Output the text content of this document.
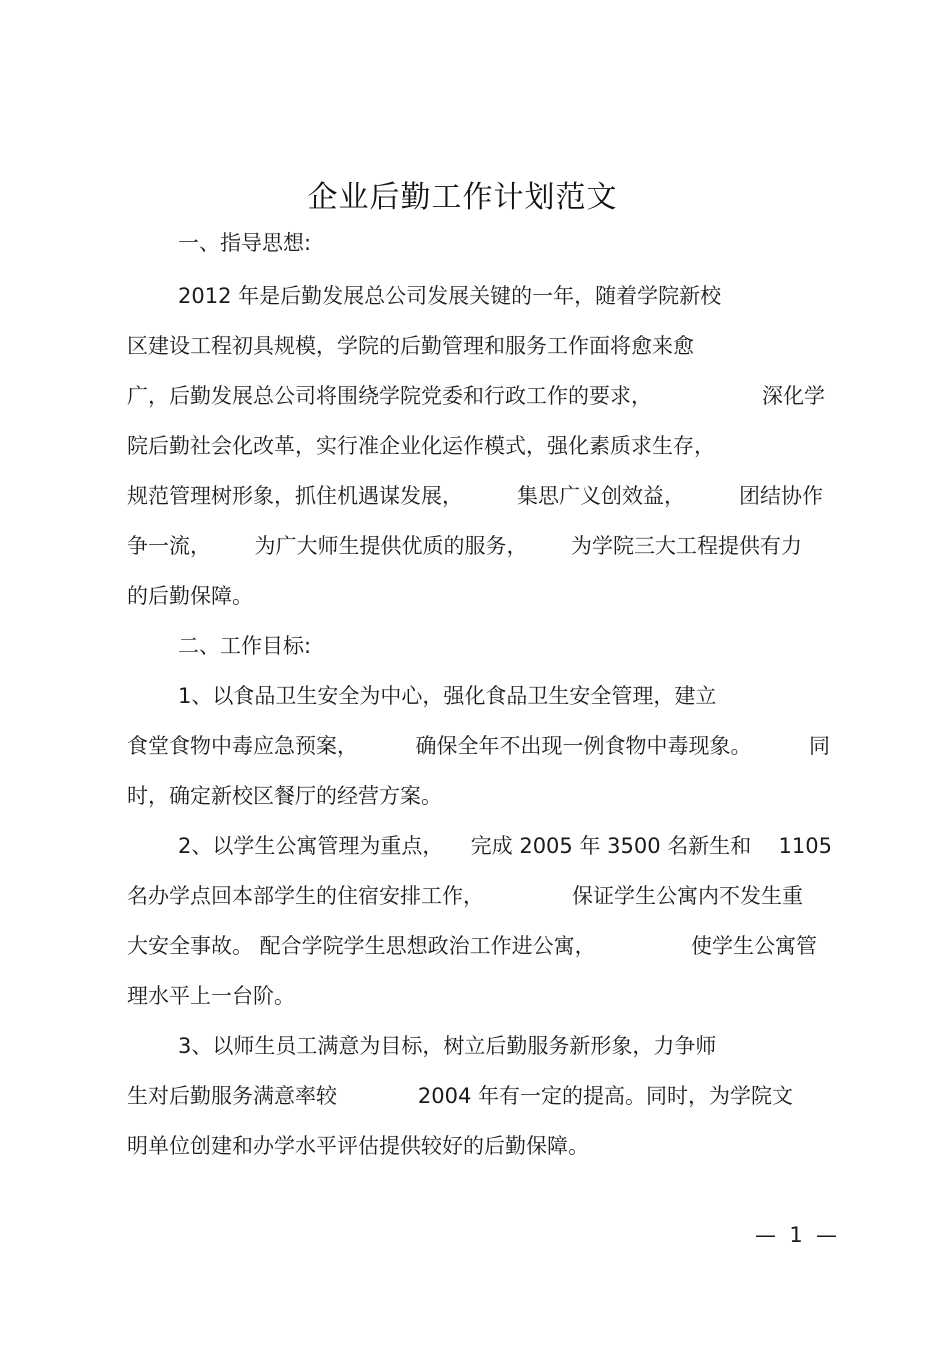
企业后勤工作计划范文
一、指导思想:
2012 年是后勤发展总公司发展关键的一年，随着学院新校
区建设工程初具规模，学院的后勤管理和服务工作面将愈来愈
广，后勤发展总公司将围绕学院党委和行政工作的要求，	深化学
院后勤社会化改革，实行准企业化运作模式，强化素质求生存，
规范管理树形象，抓住机遇谋发展，	集思广义创效益，	团结协作
争一流， 为广大师生提供优质的服务， 为学院三大工程提供有力
的后勤保障。
二、工作目标:
1、以食品卫生安全为中心，强化食品卫生安全管理，建立
食堂食物中毒应急预案，	确保全年不出现一例食物中毒现象。	同
时，确定新校区餐厅的经营方案。
2、以学生公寓管理为重点， 完成 2005 年 3500 名新生和 1105
名办学点回本部学生的住宿安排工作，	保证学生公寓内不发生重
大安全事故。 配合学院学生思想政治工作进公寓，	使学生公寓管
理水平上一台阶。
3、以师生员工满意为目标，树立后勤服务新形象，力争师
生对后勤服务满意率较	2004 年有一定的提高。同时，为学院文
明单位创建和办学水平评估提供较好的后勤保障。
—  1  —
